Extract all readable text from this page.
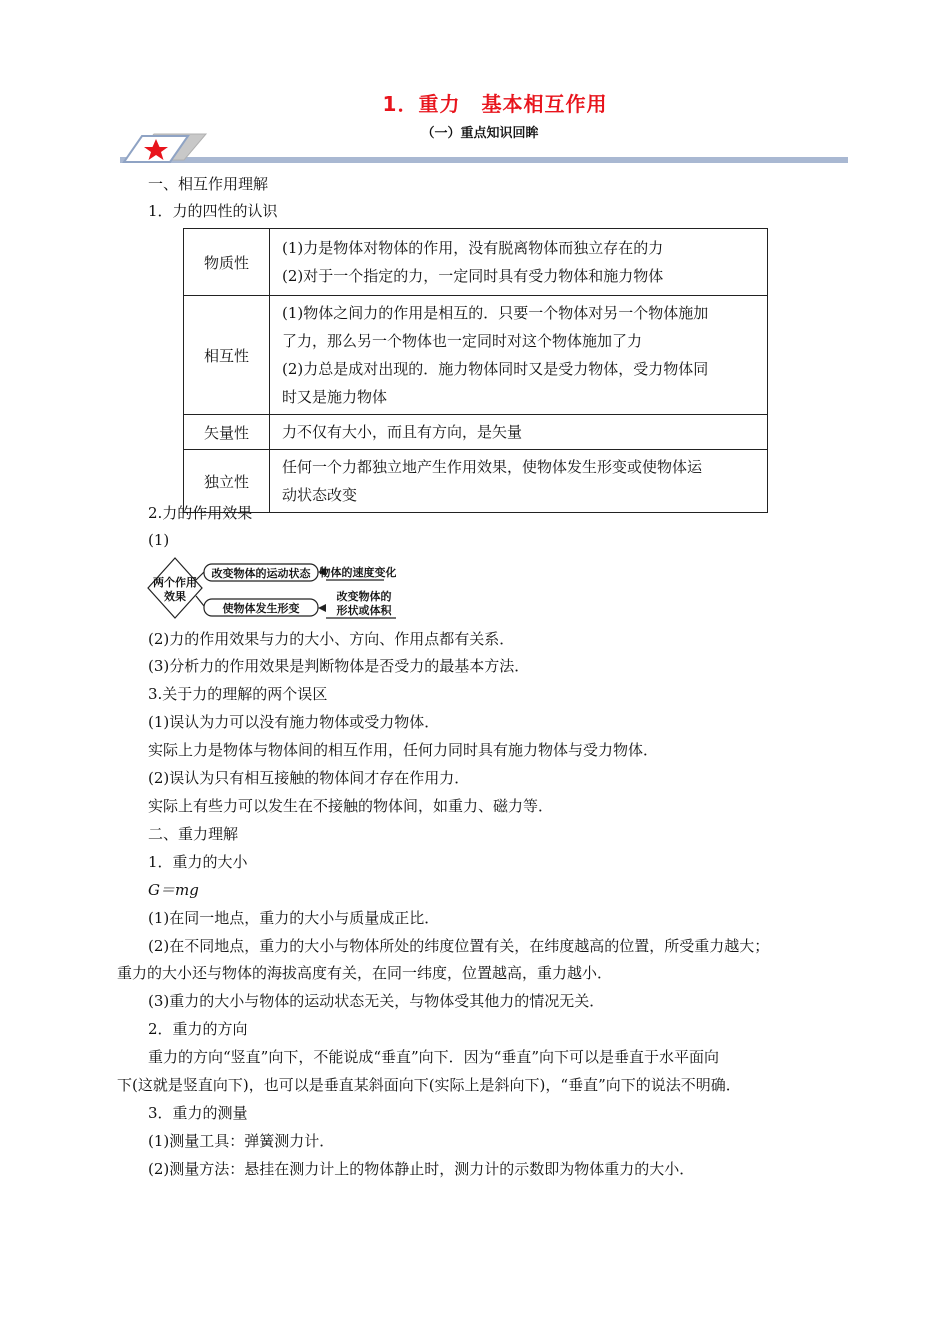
1．重力　基本相互作用
（一）重点知识回眸
一、相互作用理解
1．力的四性的认识
物质性	(1)力是物体对物体的作用，没有脱离物体而独立存在的力
(2)对于一个指定的力，一定同时具有受力物体和施力物体

相互性	(1)物体之间力的作用是相互的．只要一个物体对另一个物体施加
了力，那么另一个物体也一定同时对这个物体施加了力
(2)力总是成对出现的．施力物体同时又是受力物体，受力物体同
时又是施力物体

矢量性	力不仅有大小，而且有方向，是矢量

独立性	任何一个力都独立地产生作用效果，使物体发生形变或使物体运
动状态改变
2.力的作用效果
(1)
两个作用
效果
改变物体的运动状态 物体的速度变化
使物体发生形变
改变物体的
形状或体积
(2)力的作用效果与力的大小、方向、作用点都有关系．
(3)分析力的作用效果是判断物体是否受力的最基本方法．
3.关于力的理解的两个误区
(1)误认为力可以没有施力物体或受力物体．
实际上力是物体与物体间的相互作用，任何力同时具有施力物体与受力物体．
(2)误认为只有相互接触的物体间才存在作用力．
实际上有些力可以发生在不接触的物体间，如重力、磁力等．
二、重力理解
1．重力的大小
G＝mg
(1)在同一地点，重力的大小与质量成正比．
(2)在不同地点，重力的大小与物体所处的纬度位置有关，在纬度越高的位置，所受重力越大；
重力的大小还与物体的海拔高度有关，在同一纬度，位置越高，重力越小．
(3)重力的大小与物体的运动状态无关，与物体受其他力的情况无关．
2．重力的方向
重力的方向“竖直”向下，不能说成“垂直”向下．因为“垂直”向下可以是垂直于水平面向
下(这就是竖直向下)，也可以是垂直某斜面向下(实际上是斜向下)，“垂直”向下的说法不明确．
3．重力的测量
(1)测量工具：弹簧测力计．
(2)测量方法：悬挂在测力计上的物体静止时，测力计的示数即为物体重力的大小．
